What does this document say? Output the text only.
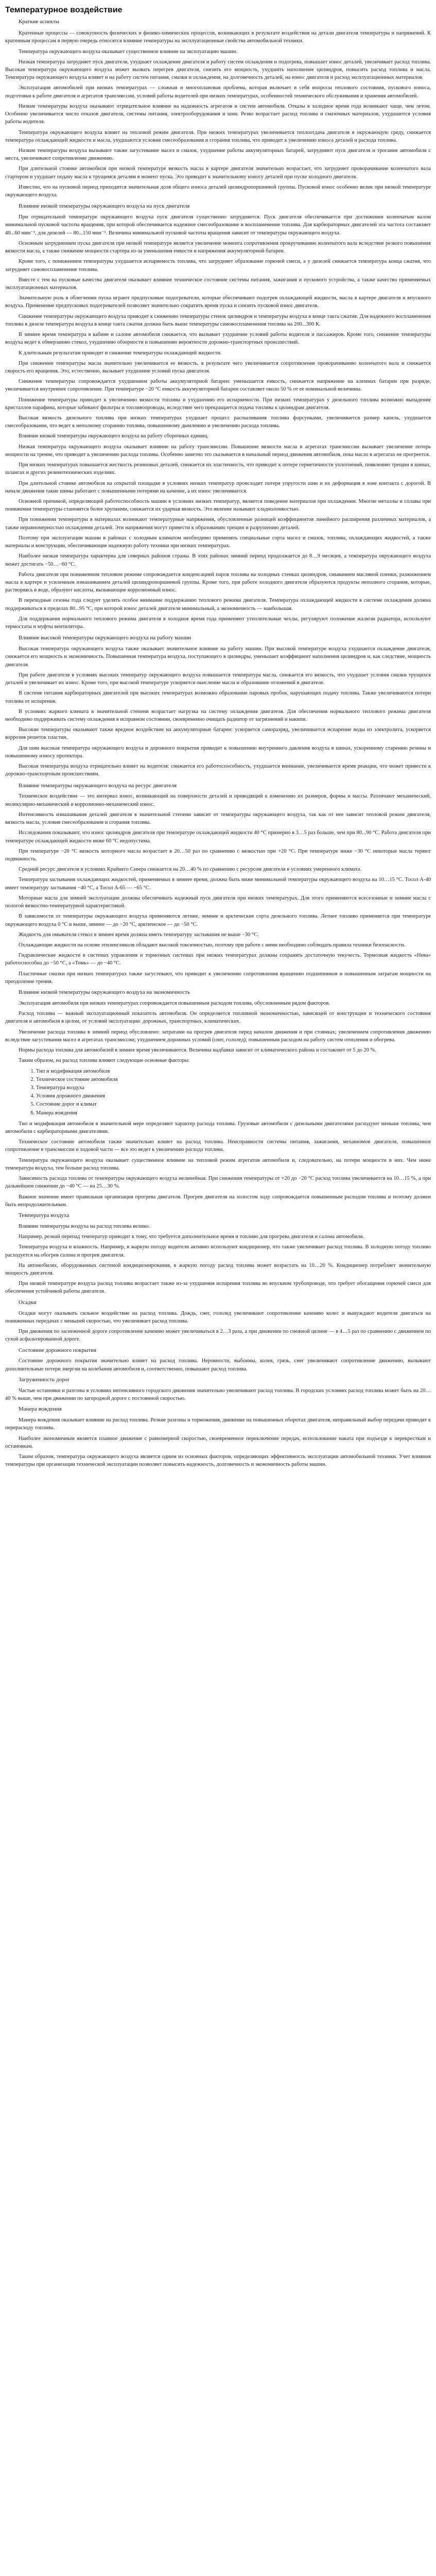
Температурное воздействие
Краткие аспекты

Кратенные процессы — совокупность физических и физико-химических процессов, возникающих в результате воздействия на детали двигателя температуры и напряжений. К кратенным процессам в первую очередь относятся влияние температуры на эксплуатационные свойства автомобильной техники.

Температура окружающего воздуха оказывает существенное влияние на эксплуатацию машин.

Низкая температура затрудняет пуск двигателя, ухудшает охлаждение двигателя и работу систем охлаждения и подогрева, повышает износ деталей, увеличивает расход топлива. Высокая температура окружающего воздуха может вызвать перегрев двигателя, снизить его мощность, ухудшить наполнение цилиндров, повысить расход топлива и масла. Температура окружающего воздуха влияет и на работу систем питания, смазки и охлаждения, на долговечность деталей, на износ двигателя и расход эксплуатационных материалов.

Эксплуатация автомобилей при низких температурах — сложная и многоплановая проблема, которая включает в себя вопросы теплового состояния, пускового износа, подготовки к работе двигателя и агрегатов трансмиссии, условий работы водителей при низких температурах, особенностей технического обслуживания и хранения автомобилей.

Низкие температуры воздуха оказывают отрицательное влияние на надежность агрегатов и систем автомобиля. Отказы в холодное время года возникают чаще, чем летом. Особенно увеличивается число отказов двигателя, системы питания, электрооборудования и шин. Резко возрастает расход топлива и смазочных материалов, ухудшаются условия работы водителя.

Температура окружающего воздуха влияет на тепловой режим двигателя. При низких температурах увеличивается теплоотдача двигателя в окружающую среду, снижается температура охлаждающей жидкости и масла, ухудшаются условия смесеобразования и сгорания топлива, что приводит к увеличению износа деталей и расхода топлива.

Низкие температуры воздуха вызывают также загустевание масел и смазок, ухудшение работы аккумуляторных батарей, затрудняют пуск двигателя и трогание автомобиля с места, увеличивают сопротивление движению.

При длительной стоянке автомобиля при низкой температуре вязкость масла в картере двигателя значительно возрастает, что затрудняет проворачивание коленчатого вала стартером и ухудшает подачу масла к трущимся деталям в момент пуска. Это приводит к значительному износу деталей при пуске холодного двигателя.

Известно, что на пусковой период приходится значительная доля общего износа деталей цилиндропоршневой группы. Пусковой износ особенно велик при низкой температуре окружающего воздуха.

Влияние низкой температуры окружающего воздуха на пуск двигателя

При отрицательной температуре окружающего воздуха пуск двигателя существенно затрудняется. Пуск двигателя обеспечивается при достижении коленчатым валом минимальной пусковой частоты вращения, при которой обеспечивается надежное смесеобразование и воспламенение топлива. Для карбюраторных двигателей эта частота составляет 40...60 мин⁻¹, для дизелей — 80...150 мин⁻¹. Величина минимальной пусковой частоты вращения зависит от температуры окружающего воздуха.

Основным затруднением пуска двигателя при низкой температуре является увеличение момента сопротивления прокручиванию коленчатого вала вследствие резкого повышения вязкости масла, а также снижение мощности стартера из-за уменьшения емкости и напряжения аккумуляторной батареи.

Кроме того, с понижением температуры ухудшается испаряемость топлива, что затрудняет образование горючей смеси, а у дизелей снижается температура конца сжатия, что затрудняет самовоспламенение топлива.

Вместе с тем на пусковые качества двигателя оказывает влияние техническое состояние системы питания, зажигания и пускового устройства, а также качество применяемых эксплуатационных материалов.

Значительную роль в облегчении пуска играют предпусковые подогреватели, которые обеспечивают подогрев охлаждающей жидкости, масла в картере двигателя и впускного воздуха. Применение предпусковых подогревателей позволяет значительно сократить время пуска и снизить пусковой износ двигателя.

Снижение температуры окружающего воздуха приводит к снижению температуры стенок цилиндров и температуры воздуха в конце такта сжатия. Для надежного воспламенения топлива в дизеле температура воздуха в конце такта сжатия должна быть выше температуры самовоспламенения топлива на 200...300 К.

В зимнее время температура в кабине и салоне автомобиля снижается, что вызывает ухудшение условий работы водителя и пассажиров. Кроме того, снижение температуры воздуха ведет к обмерзанию стекол, ухудшению обзорности и повышению вероятности дорожно-транспортных происшествий.

К длительным результатам приводит и снижение температуры охлаждающей жидкости.

При снижении температуры масла значительно увеличивается ее вязкость, в результате чего увеличивается сопротивление проворачиванию коленчатого вала и снижается скорость его вращения. Это, естественно, вызывает ухудшение условий пуска двигателя.

Снижение температуры сопровождается ухудшением работы аккумуляторной батареи: уменьшается емкость, снижается напряжение на клеммах батареи при разряде, увеличивается внутреннее сопротивление. При температуре −20 °C емкость аккумуляторной батареи составляет около 50 % от ее номинальной величины.

Понижение температуры приводит к увеличению вязкости топлива и ухудшению его испаряемости. При низких температурах у дизельного топлива возможно выпадение кристаллов парафина, которые забивают фильтры и топливопроводы, вследствие чего прекращается подача топлива к цилиндрам двигателя.

Высокая вязкость дизельного топлива при низких температурах ухудшает процесс распыливания топлива форсунками, увеличивается размер капель, ухудшается смесеобразование, что ведет к неполному сгоранию топлива, повышенному дымлению и увеличению расхода топлива.

Влияние низкой температуры окружающего воздуха на работу сборочных единиц.

Низкая температура окружающего воздуха оказывает влияние на работу трансмиссии. Повышение вязкости масла в агрегатах трансмиссии вызывает увеличение потерь мощности на трение, что приводит к увеличению расхода топлива. Особенно заметно это сказывается в начальный период движения автомобиля, пока масло в агрегатах не прогреется.

При низких температурах повышается жесткость резиновых деталей, снижается их эластичность, что приводит к потере герметичности уплотнений, появлению трещин в шинах, шлангах и других резинотехнических изделиях.

При длительной стоянке автомобиля на открытой площадке в условиях низких температур происходит потеря упругости шин и их деформация в зоне контакта с дорогой. В начале движения такие шины работают с повышенными потерями на качение, а их износ увеличивается.

Основной причиной, определяющей работоспособность машин в условиях низких температур, является поведение материалов при охлаждении. Многие металлы и сплавы при понижении температуры становятся более хрупкими, снижается их ударная вязкость. Это явление называют хладноломкостью.

При понижении температуры в материалах возникают температурные напряжения, обусловленные разницей коэффициентов линейного расширения различных материалов, а также неравномерностью охлаждения деталей. Эти напряжения могут привести к образованию трещин и разрушению деталей.

Поэтому при эксплуатации машин в районах с холодным климатом необходимо применять специальные сорта масел и смазок, топлива, охлаждающих жидкостей, а также материалы и конструкции, обеспечивающие надежную работу техники при низких температурах.

Наиболее низкая температура характерна для северных районов страны. В этих районах зимний период продолжается до 8…9 месяцев, а температура окружающего воздуха может достигать −50…−60 °C.

Работа двигателя при пониженном тепловом режиме сопровождается конденсацией паров топлива на холодных стенках цилиндров, смыванием масляной пленки, разжижением масла в картере и усиленным изнашиванием деталей цилиндропоршневой группы. Кроме того, при работе холодного двигателя образуются продукты неполного сгорания, которые, растворяясь в воде, образуют кислоты, вызывающие коррозионный износ.

В переходные сезоны года следует уделять особое внимание поддержанию теплового режима двигателя. Температура охлаждающей жидкости в системе охлаждения должна поддерживаться в пределах 80...95 °C, при которой износ деталей двигателя минимальный, а экономичность — наибольшая.

Для поддержания нормального теплового режима двигателя в холодное время года применяют утеплительные чехлы, регулируют положение жалюзи радиатора, используют термостаты и муфты вентилятора.

Влияние высокой температуры окружающего воздуха на работу машин

Высокая температура окружающего воздуха также оказывает значительное влияние на работу машин. При высокой температуре воздуха ухудшается охлаждение двигателя, снижается его мощность и экономичность. Повышенная температура воздуха, поступающего в цилиндры, уменьшает коэффициент наполнения цилиндров и, как следствие, мощность двигателя.

При работе двигателя в условиях высоких температур окружающего воздуха повышается температура масла, снижается его вязкость, что ухудшает условия смазки трущихся деталей и увеличивает их износ. Кроме того, при высокой температуре ускоряется окисление масла и образование отложений в двигателе.

В системе питания карбюраторных двигателей при высоких температурах возможно образование паровых пробок, нарушающих подачу топлива. Также увеличиваются потери топлива от испарения.

В условиях жаркого климата в значительной степени возрастает нагрузка на систему охлаждения двигателя. Для обеспечения нормального теплового режима двигателя необходимо поддерживать систему охлаждения в исправном состоянии, своевременно очищать радиатор от загрязнений и накипи.

Высокие температуры оказывают также вредное воздействие на аккумуляторные батареи: ускоряется саморазряд, увеличивается испарение воды из электролита, ускоряется коррозия решеток пластин.

Для шин высокая температура окружающего воздуха и дорожного покрытия приводит к повышению внутреннего давления воздуха в шинах, ускоренному старению резины и повышенному износу протектора.

Высокая температура воздуха отрицательно влияет на водителя: снижается его работоспособность, ухудшается внимание, увеличивается время реакции, что может привести к дорожно-транспортным происшествиям.

Влияние температуры окружающего воздуха на ресурс двигателя

Техническое воздействие — это интервал износ, возникающий на поверхности деталей и приводящий к изменению их размеров, формы и массы. Различают механический, молекулярно-механический и коррозионно-механический износ.

Интенсивность изнашивания деталей двигателя в значительной степени зависит от температуры окружающего воздуха, так как от нее зависит тепловой режим двигателя, вязкость масла, условия смесеобразования и сгорания топлива.

Исследования показывают, что износ цилиндров двигателя при температуре охлаждающей жидкости 40 °C примерно в 3…5 раз больше, чем при 80...90 °C. Работа двигателя при температуре охлаждающей жидкости ниже 60 °C недопустима.

При температуре −20 °C вязкость моторного масла возрастает в 20…50 раз по сравнению с вязкостью при +20 °C. При температуре ниже −30 °C некоторые масла теряют подвижность.

Средний ресурс двигателя в условиях Крайнего Севера снижается на 20…40 % по сравнению с ресурсом двигателя в условиях умеренного климата.

Температура застывания охлаждающих жидкостей, применяемых в зимнее время, должна быть ниже минимальной температуры окружающего воздуха на 10…15 °C. Тосол А-40 имеет температуру застывания −40 °C, а Тосол А-65 — −65 °C.

Моторные масла для зимней эксплуатации должны обеспечивать надежный пуск двигателя при низких температурах. Для этого применяются всесезонные и зимние масла с пологой вязкостно-температурной характеристикой.

В зависимости от температуры окружающего воздуха применяются летние, зимние и арктические сорта дизельного топлива. Летнее топливо применяется при температуре окружающего воздуха 0 °C и выше, зимнее — до −20 °C, арктическое — до −50 °C.

Жидкость для омывателя стекол в зимнее время должна иметь температуру застывания не выше −30 °C.

Охлаждающие жидкости на основе этиленгликоля обладают высокой токсичностью, поэтому при работе с ними необходимо соблюдать правила техники безопасности.

Гидравлические жидкости в системах управления и тормозных системах при низких температурах должны сохранять достаточную текучесть. Тормозная жидкость «Нева» работоспособна до −50 °C, а «Томь» — до −40 °C.

Пластичные смазки при низких температурах также загустевают, что приводит к увеличению сопротивления вращению подшипников и повышенным затратам мощности на преодоление трения.

Влияние низкой температуры окружающего воздуха на экономичность

Эксплуатация автомобиля при низких температурах сопровождается повышенным расходом топлива, обусловленным рядом факторов.

Расход топлива — важный эксплуатационный показатель автомобиля. Он определяется топливной экономичностью, зависящей от конструкции и технического состояния двигателя и автомобиля в целом, от условий эксплуатации: дорожных, транспортных, климатических.

Увеличение расхода топлива в зимний период обусловлено: затратами на прогрев двигателя перед началом движения и при стоянках; увеличением сопротивления движению вследствие загустевания масел в агрегатах трансмиссии; ухудшением дорожных условий (снег, гололед); повышенным расходом на работу систем отопления и обогрева.

Нормы расхода топлива для автомобилей в зимнее время увеличиваются. Величина надбавки зависит от климатического района и составляет от 5 до 20 %.

Таким образом, на расход топлива влияют следующие основные факторы:

1. Тип и модификация автомобиля
2. Техническое состояние автомобиля
3. Температура воздуха
4. Условия дорожного движения
5. Состояние дорог и климат
6. Манера вождения

Тип и модификация автомобиля в значительной мере определяют характер расхода топлива. Грузовые автомобили с дизельными двигателями расходуют меньше топлива, чем автомобили с карбюраторными двигателями.

Техническое состояние автомобиля также значительно влияет на расход топлива. Неисправности системы питания, зажигания, механизмов двигателя, повышенное сопротивление в трансмиссии и ходовой части — все это ведет к увеличению расхода топлива.

Температура окружающего воздуха оказывает существенное влияние на тепловой режим агрегатов автомобиля и, следовательно, на потери мощности в них. Чем ниже температура воздуха, тем больше расход топлива.

Зависимость расхода топлива от температуры окружающего воздуха нелинейная. При снижении температуры от +20 до −20 °C расход топлива увеличивается на 10…15 %, а при дальнейшем снижении до −40 °C — на 25…30 %.

Важное значение имеет правильная организация прогрева двигателя. Прогрев двигателя на холостом ходу сопровождается повышенным расходом топлива и поэтому должен быть непродолжительным.

Температура воздуха

Влияние температуры воздуха на расход топлива велико.

Например, резкий перепад температур приводит к тому, что требуется дополнительное время и топливо для прогрева двигателя и салона автомобиля.

Температура воздуха и влажность. Например, в жаркую погоду водители активно используют кондиционер, что также увеличивает расход топлива. В холодную погоду топливо расходуется на обогрев салона и прогрев двигателя.

На автомобилях, оборудованных системой кондиционирования, в жаркую погоду расход топлива может возрастать на 10…20 %. Кондиционер потребляет значительную мощность двигателя.

При низкой температуре воздуха расход топлива возрастает также из-за ухудшения испарения топлива во впускном трубопроводе, что требует обогащения горючей смеси для обеспечения устойчивой работы двигателя.

Осадки

Осадки могут оказывать сильное воздействие на расход топлива. Дождь, снег, гололед увеличивают сопротивление качению колес и вынуждают водителя двигаться на пониженных передачах с меньшей скоростью, что увеличивает расход топлива.

При движении по заснеженной дороге сопротивление качению может увеличиваться в 2…3 раза, а при движении по снежной целине — в 4…5 раз по сравнению с движением по сухой асфальтированной дороге.

Состояние дорожного покрытия

Состояние дорожного покрытия значительно влияет на расход топлива. Неровности, выбоины, колея, грязь, снег увеличивают сопротивление движению, вызывают дополнительные потери энергии на колебания автомобиля и, соответственно, повышают расход топлива.

Загруженность дорог

Частые остановки и разгоны в условиях интенсивного городского движения значительно увеличивают расход топлива. В городских условиях расход топлива может быть на 20…40 % выше, чем при движении по загородной дороге с постоянной скоростью.

Манера вождения

Манера вождения оказывает влияние на расход топлива. Резкие разгоны и торможения, движение на повышенных оборотах двигателя, неправильный выбор передачи приводят к перерасходу топлива.

Наиболее экономичным является плавное движение с равномерной скоростью, своевременное переключение передач, использование наката при подъезде к перекресткам и остановкам.

Таким образом, температура окружающего воздуха является одним из основных факторов, определяющих эффективность эксплуатации автомобильной техники. Учет влияния температуры при организации технической эксплуатации позволяет повысить надежность, долговечность и экономичность работы машин.
